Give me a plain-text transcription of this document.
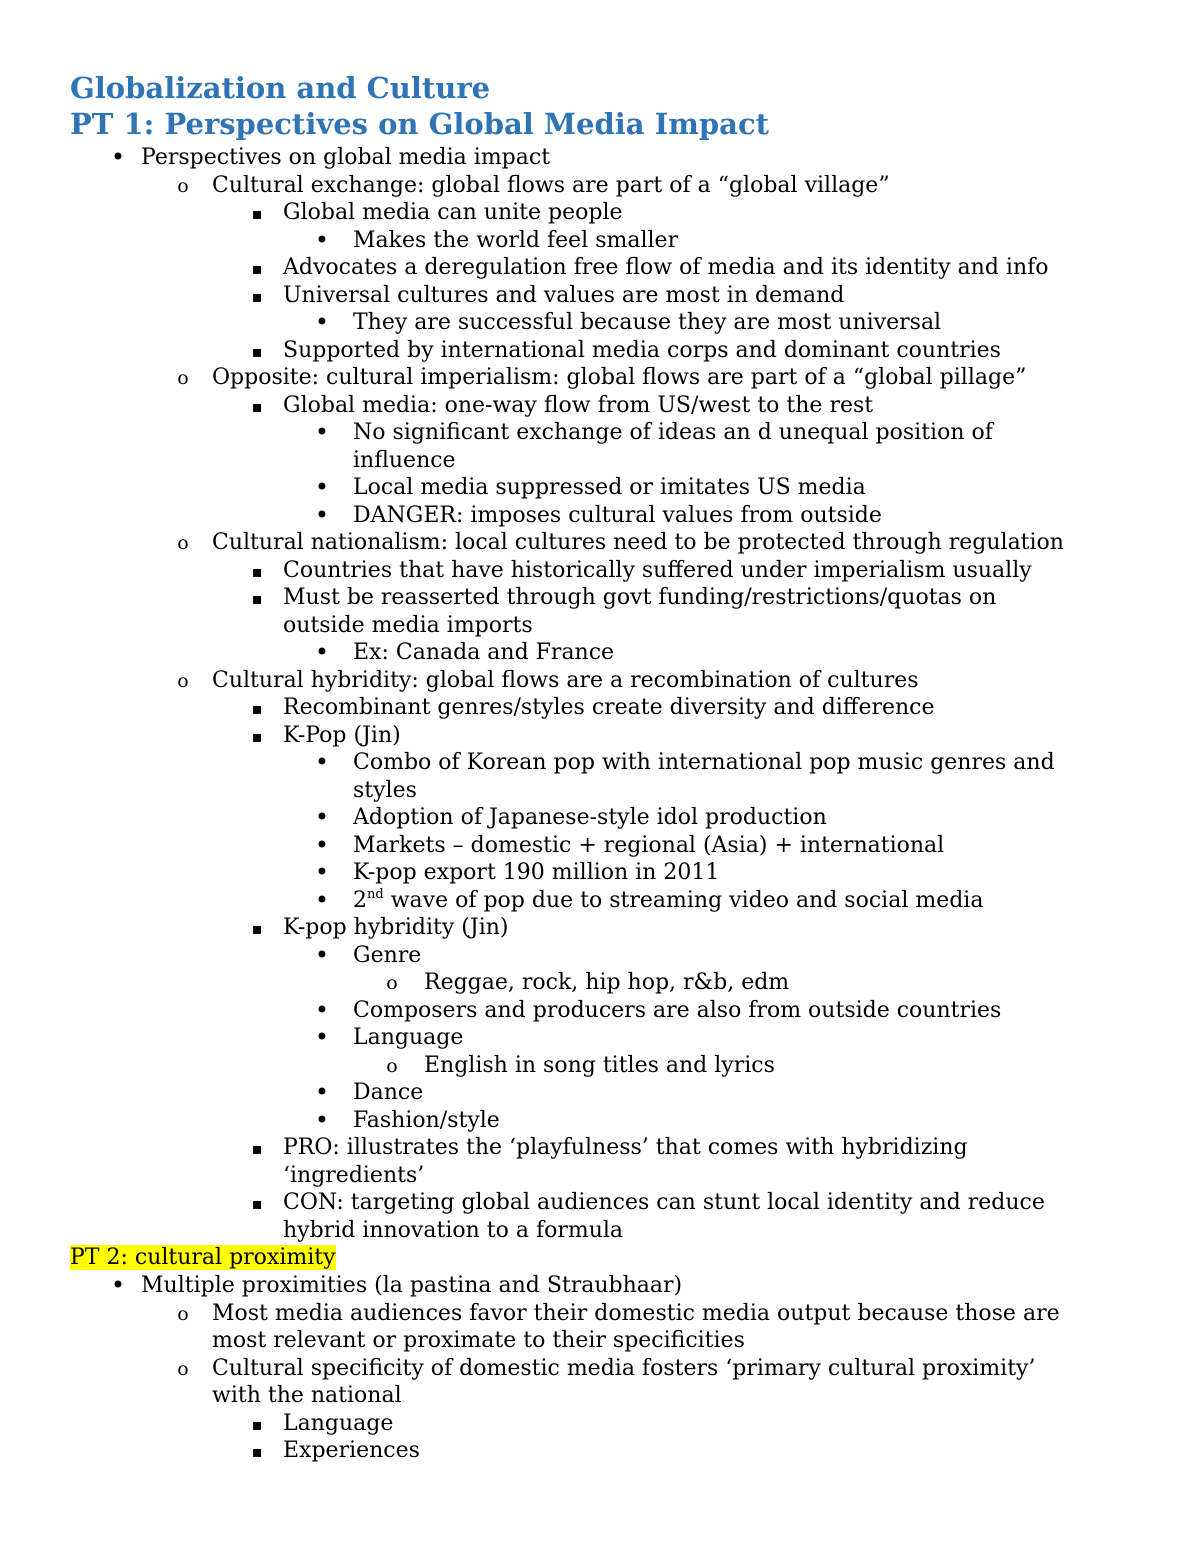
Globalization and Culture
PT 1: Perspectives on Global Media Impact
•
Perspectives on global media impact
o
Cultural exchange: global flows are part of a “global village”
▪
Global media can unite people
•
Makes the world feel smaller
▪
Advocates a deregulation free flow of media and its identity and info
▪
Universal cultures and values are most in demand
•
They are successful because they are most universal
▪
Supported by international media corps and dominant countries
o
Opposite: cultural imperialism: global flows are part of a “global pillage”
▪
Global media: one-way flow from US/west to the rest
•
No significant exchange of ideas an d unequal position of
influence
•
Local media suppressed or imitates US media
•
DANGER: imposes cultural values from outside
o
Cultural nationalism: local cultures need to be protected through regulation
▪
Countries that have historically suffered under imperialism usually
▪
Must be reasserted through govt funding/restrictions/quotas on
outside media imports
•
Ex: Canada and France
o
Cultural hybridity: global flows are a recombination of cultures
▪
Recombinant genres/styles create diversity and difference
▪
K-Pop (Jin)
•
Combo of Korean pop with international pop music genres and
styles
•
Adoption of Japanese-style idol production
•
Markets – domestic + regional (Asia) + international
•
K-pop export 190 million in 2011
•
2nd wave of pop due to streaming video and social media
▪
K-pop hybridity (Jin)
•
Genre
o
Reggae, rock, hip hop, r&b, edm
•
Composers and producers are also from outside countries
•
Language
o
English in song titles and lyrics
•
Dance
•
Fashion/style
▪
PRO: illustrates the ‘playfulness’ that comes with hybridizing
‘ingredients’
▪
CON: targeting global audiences can stunt local identity and reduce
hybrid innovation to a formula
PT 2: cultural proximity
•
Multiple proximities (la pastina and Straubhaar)
o
Most media audiences favor their domestic media output because those are
most relevant or proximate to their specificities
o
Cultural specificity of domestic media fosters ‘primary cultural proximity’
with the national
▪
Language
▪
Experiences
